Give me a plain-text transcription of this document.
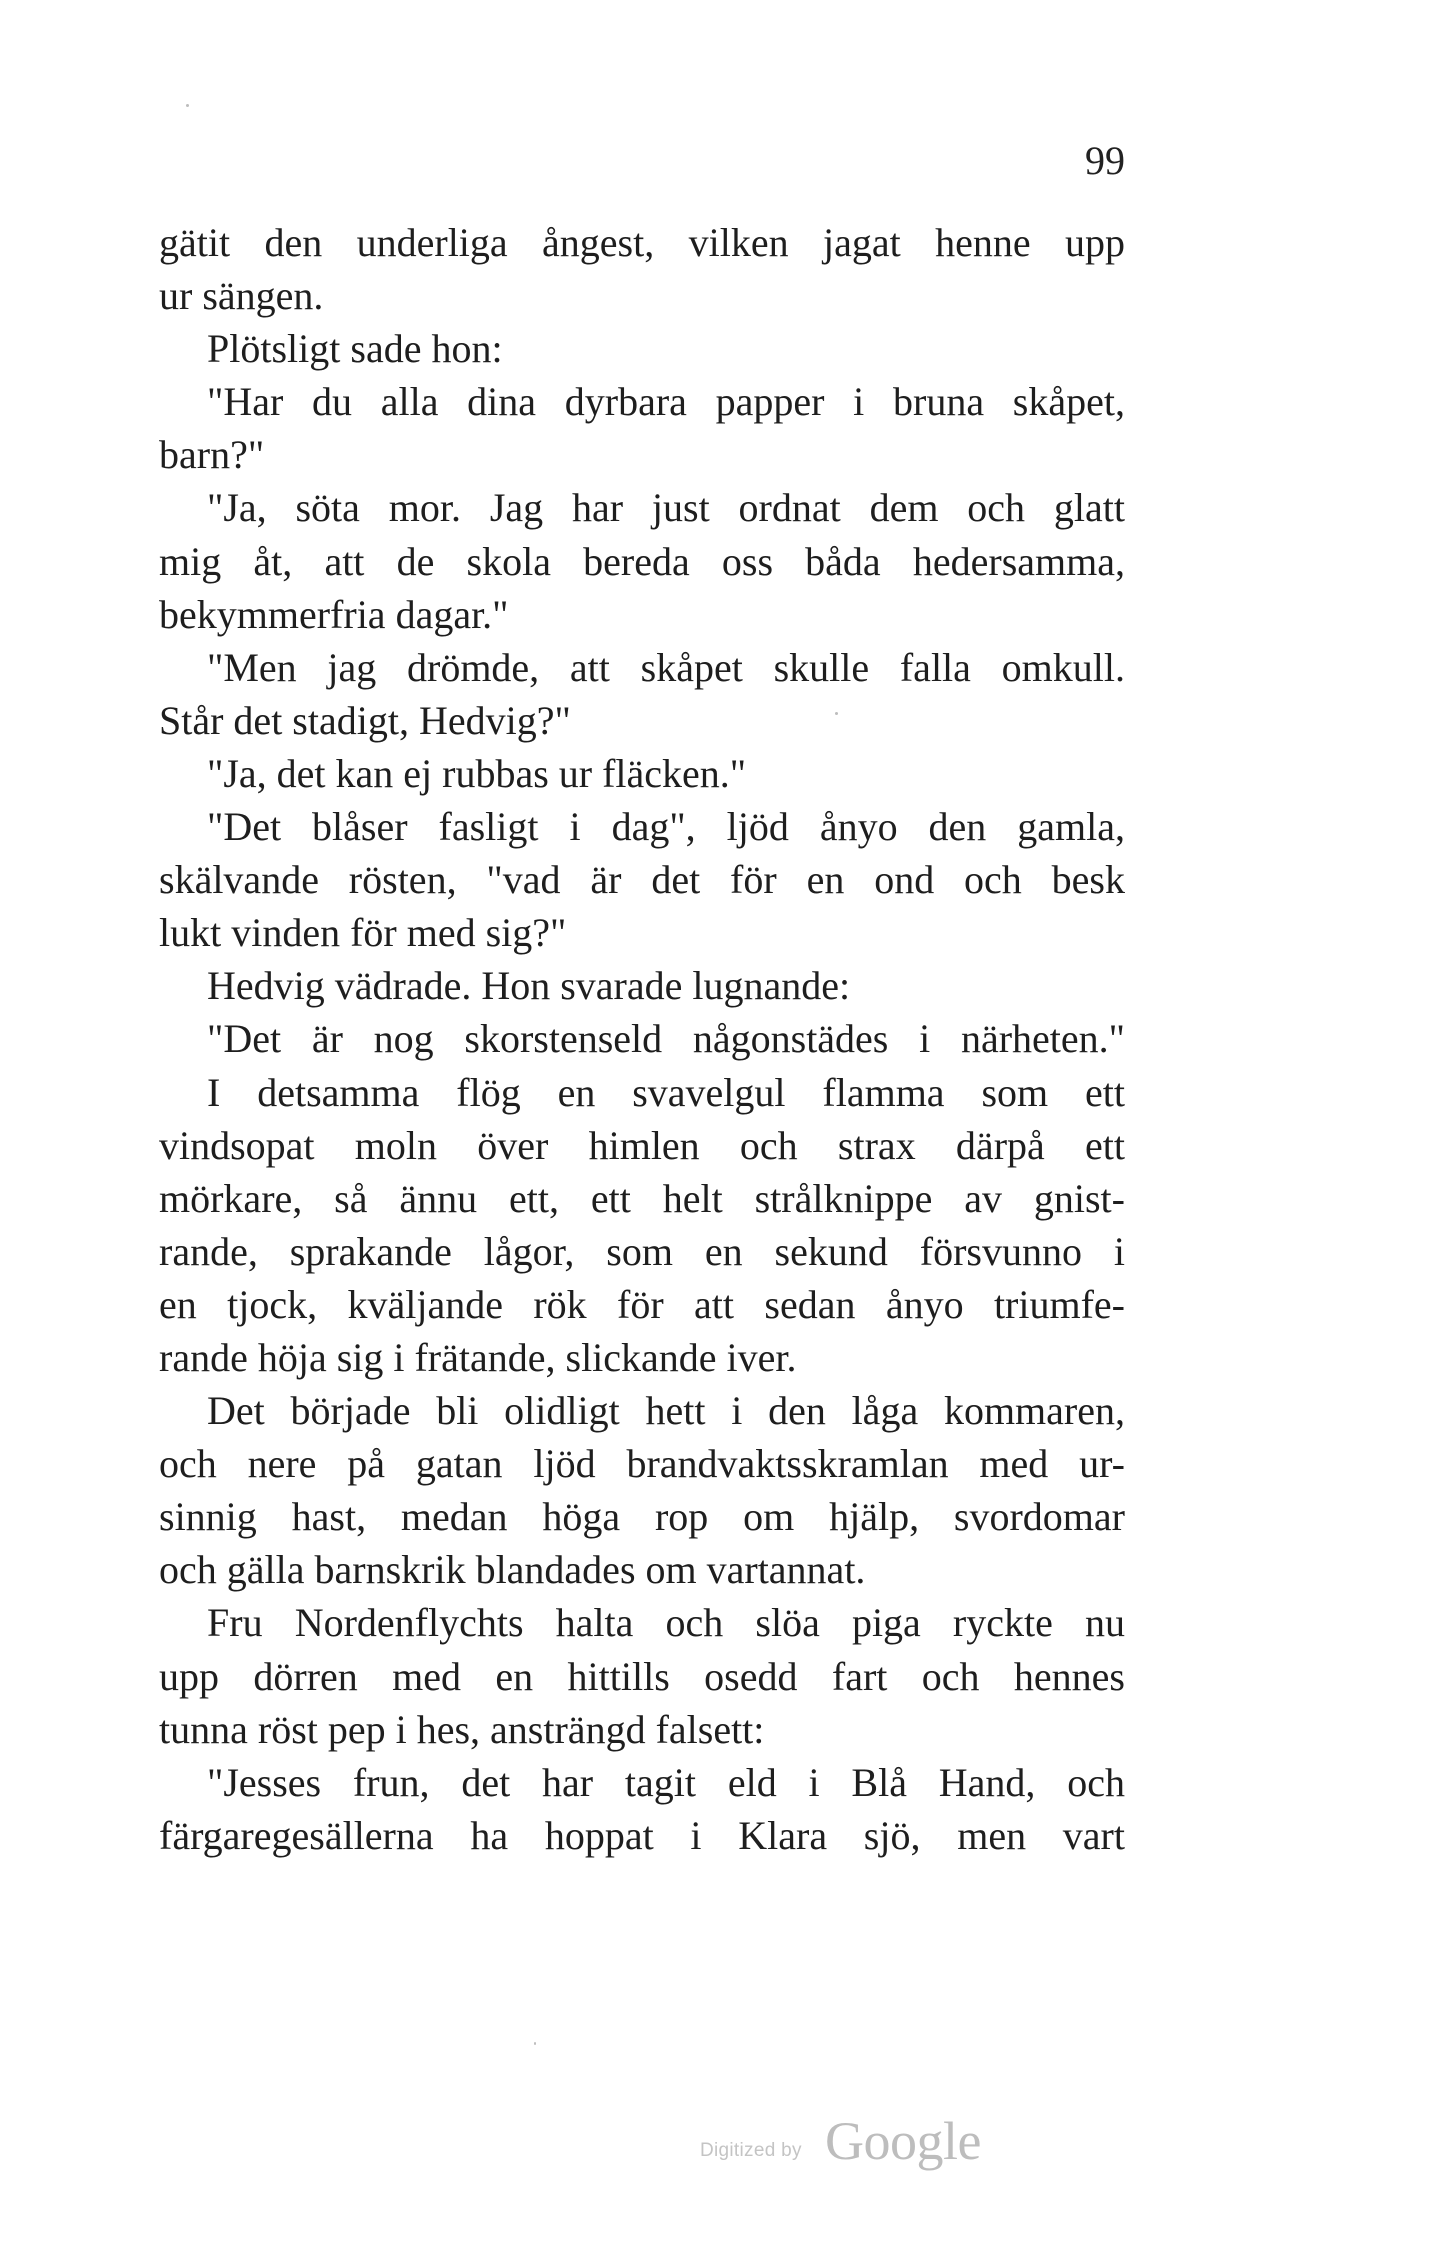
99
gätit den underliga ångest, vilken jagat henne upp
ur sängen.
Plötsligt sade hon:
"Har du alla dina dyrbara papper i bruna skåpet,
barn?"
"Ja, söta mor. Jag har just ordnat dem och glatt
mig åt, att de skola bereda oss båda hedersamma,
bekymmerfria dagar."
"Men jag drömde, att skåpet skulle falla omkull.
Står det stadigt, Hedvig?"
"Ja, det kan ej rubbas ur fläcken."
"Det blåser fasligt i dag", ljöd ånyo den gamla,
skälvande rösten, "vad är det för en ond och besk
lukt vinden för med sig?"
Hedvig vädrade. Hon svarade lugnande:
"Det är nog skorstenseld någonstädes i närheten."
I detsamma flög en svavelgul flamma som ett
vindsopat moln över himlen och strax därpå ett
mörkare, så ännu ett, ett helt strålknippe av gnist-
rande, sprakande lågor, som en sekund försvunno i
en tjock, kväljande rök för att sedan ånyo triumfe-
rande höja sig i frätande, slickande iver.
Det började bli olidligt hett i den låga kommaren,
och nere på gatan ljöd brandvaktsskramlan med ur-
sinnig hast, medan höga rop om hjälp, svordomar
och gälla barnskrik blandades om vartannat.
Fru Nordenflychts halta och slöa piga ryckte nu
upp dörren med en hittills osedd fart och hennes
tunna röst pep i hes, ansträngd falsett:
"Jesses frun, det har tagit eld i Blå Hand, och
färgaregesällerna ha hoppat i Klara sjö, men vart
Digitized by Google
